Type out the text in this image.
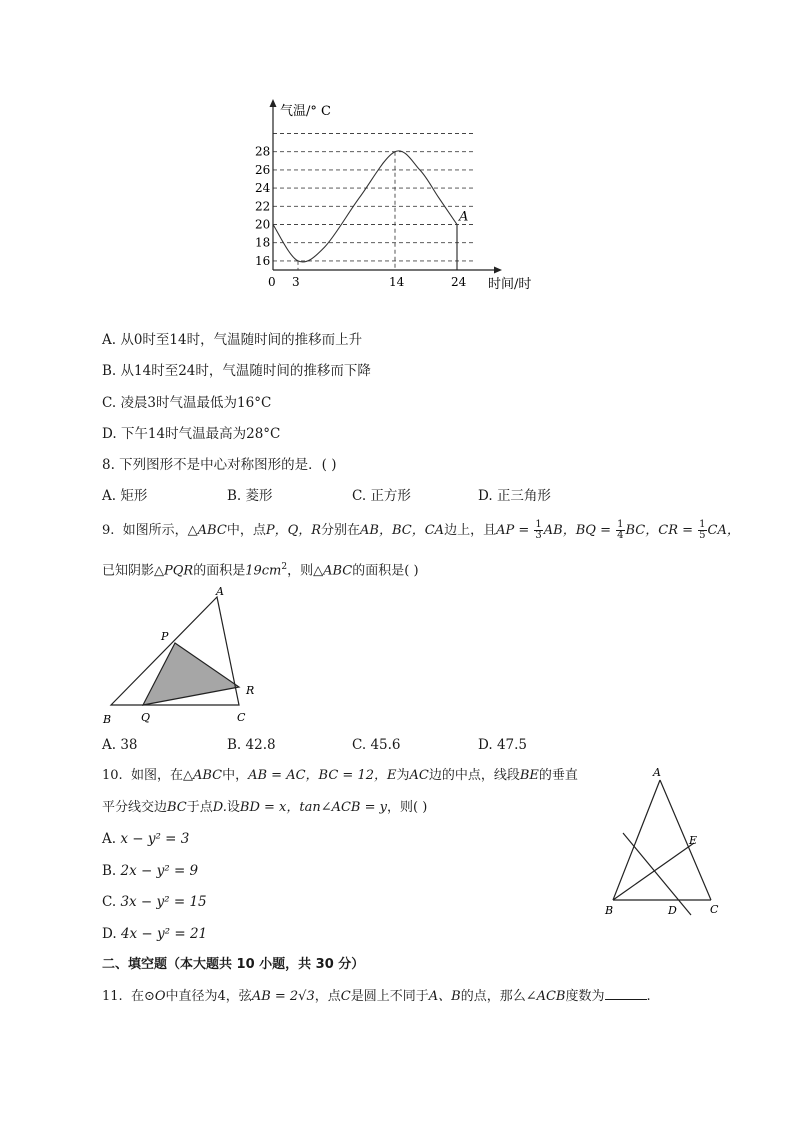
气温/° C
时间/时
16
18
20
22
24
26
28
0 3	14	24
A
A. 从0时至14时，气温随时间的推移而上升
B. 从14时至24时，气温随时间的推移而下降
C. 凌晨3时气温最低为16°C
D. 下午14时气温最高为28°C
8. 下列图形不是中心对称图形的是．( )
A. 矩形	B. 菱形	C. 正方形	D. 正三角形
9. 如图所示，△ABC中，点P，Q，R分别在AB，BC，CA边上，且AP = $\frac{1}{3}$ AB，BQ = $\frac{1}{4}$ BC，CR = $\frac{1}{5}$ CA，
已知阴影△PQR的面积是$19cm^2$，则△ABC的面积是( )
A
P
R
B	Q	C
A. 38	B. 42.8	C. 45.6	D. 47.5
10. 如图，在△ABC中，AB = AC，BC = 12，E为AC边的中点，线段BE的垂直
平分线交边BC于点D.设BD = x，tan∠ACB = y，则( )
A. x − y² = 3
B. 2x − y² = 9
C. 3x − y² = 15
D. 4x − y² = 21
A
E
B	D	C
二、填空题（本大题共 10 小题，共 30 分）
11. 在⊙O中直径为4，弦AB = 2√3，点C是圆上不同于A、B的点，那么∠ACB度数为	.
